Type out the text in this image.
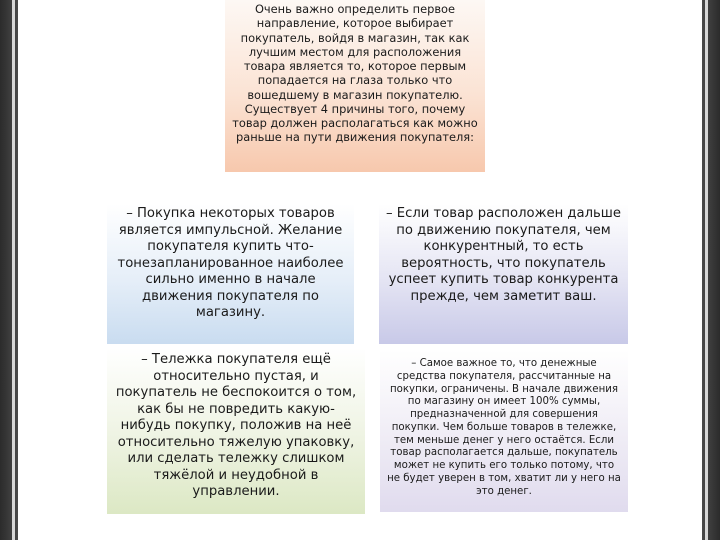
Очень важно определить первое направление, которое выбирает покупатель, войдя в магазин, так как лучшим местом для расположения товара является то, которое первым попадается на глаза только что вошедшему в магазин покупателю. Существует 4 причины того, почему товар должен располагаться как можно раньше на пути движения покупателя:
– Покупка некоторых товаров является импульсной. Желание покупателя купить что-тонезапланированное наиболее сильно именно в начале движения покупателя по магазину.
– Если товар расположен дальше по движению покупателя, чем конкурентный, то есть вероятность, что покупатель успеет купить товар конкурента прежде, чем заметит ваш.
– Тележка покупателя ещё относительно пустая, и покупатель не беспокоится о том, как бы не повредить какую-нибудь покупку, положив на неё относительно тяжелую упаковку, или сделать тележку слишком тяжёлой и неудобной в управлении.
– Самое важное то, что денежные средства покупателя, рассчитанные на покупки, ограничены. В начале движения по магазину он имеет 100% суммы, предназначенной для совершения покупки. Чем больше товаров в тележке, тем меньше денег у него остаётся. Если товар располагается дальше, покупатель может не купить его только потому, что не будет уверен в том, хватит ли у него на это денег.
